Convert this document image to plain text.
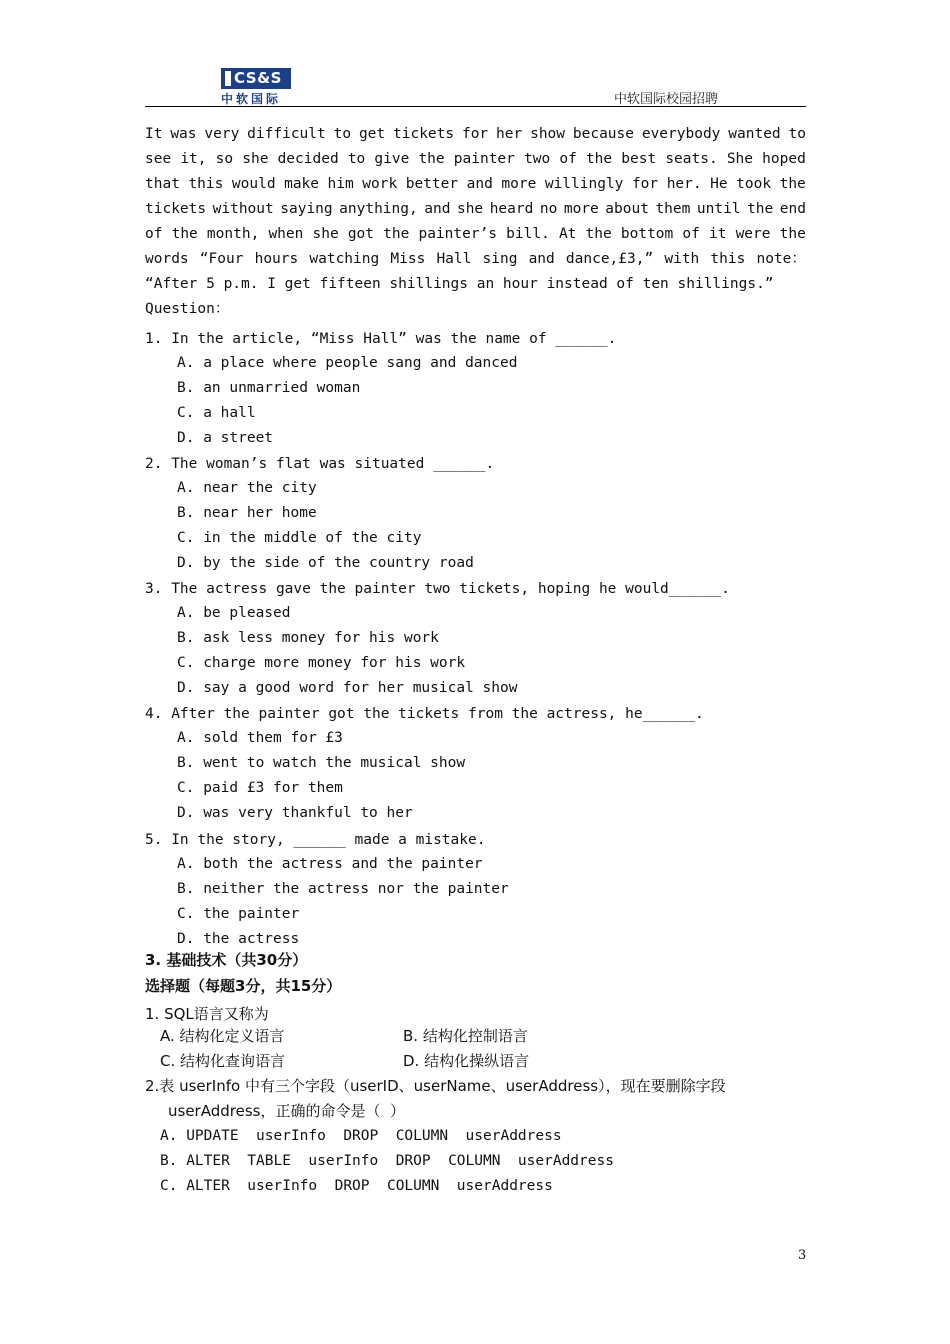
CS&S
中软国际	中软国际校园招聘
It was very difficult to get tickets for her show because everybody wanted to
see it, so she decided to give the painter two of the best seats. She hoped
that this would make him work better and more willingly for her. He took the
tickets without saying anything, and she heard no more about them until the end
of the month, when she got the painter’s bill. At the bottom of it were the
words “Four hours watching Miss Hall sing and dance,£3,” with this note：
“After 5 p.m. I get fifteen shillings an hour instead of ten shillings.”
Question：
1. In the article, “Miss Hall” was the name of ______.
A. a place where people sang and danced
B. an unmarried woman
C. a hall
D. a street
2. The woman’s flat was situated ______.
A. near the city
B. near her home
C. in the middle of the city
D. by the side of the country road
3. The actress gave the painter two tickets, hoping he would______.
A. be pleased
B. ask less money for his work
C. charge more money for his work
D. say a good word for her musical show
4. After the painter got the tickets from the actress, he______.
A. sold them for £3
B. went to watch the musical show
C. paid £3 for them
D. was very thankful to her
5. In the story, ______ made a mistake.
A. both the actress and the painter
B. neither the actress nor the painter
C. the painter
D. the actress
3. 基础技术（共30分）
选择题（每题3分，共15分）
1. SQL语言又称为
A. 结构化定义语言	B. 结构化控制语言
C. 结构化查询语言	D. 结构化操纵语言
2.表 userInfo 中有三个字段（userID、userName、userAddress），现在要删除字段
userAddress，正确的命令是（  ）
A. UPDATE  userInfo  DROP  COLUMN  userAddress
B. ALTER  TABLE  userInfo  DROP  COLUMN  userAddress
C. ALTER  userInfo  DROP  COLUMN  userAddress
3
